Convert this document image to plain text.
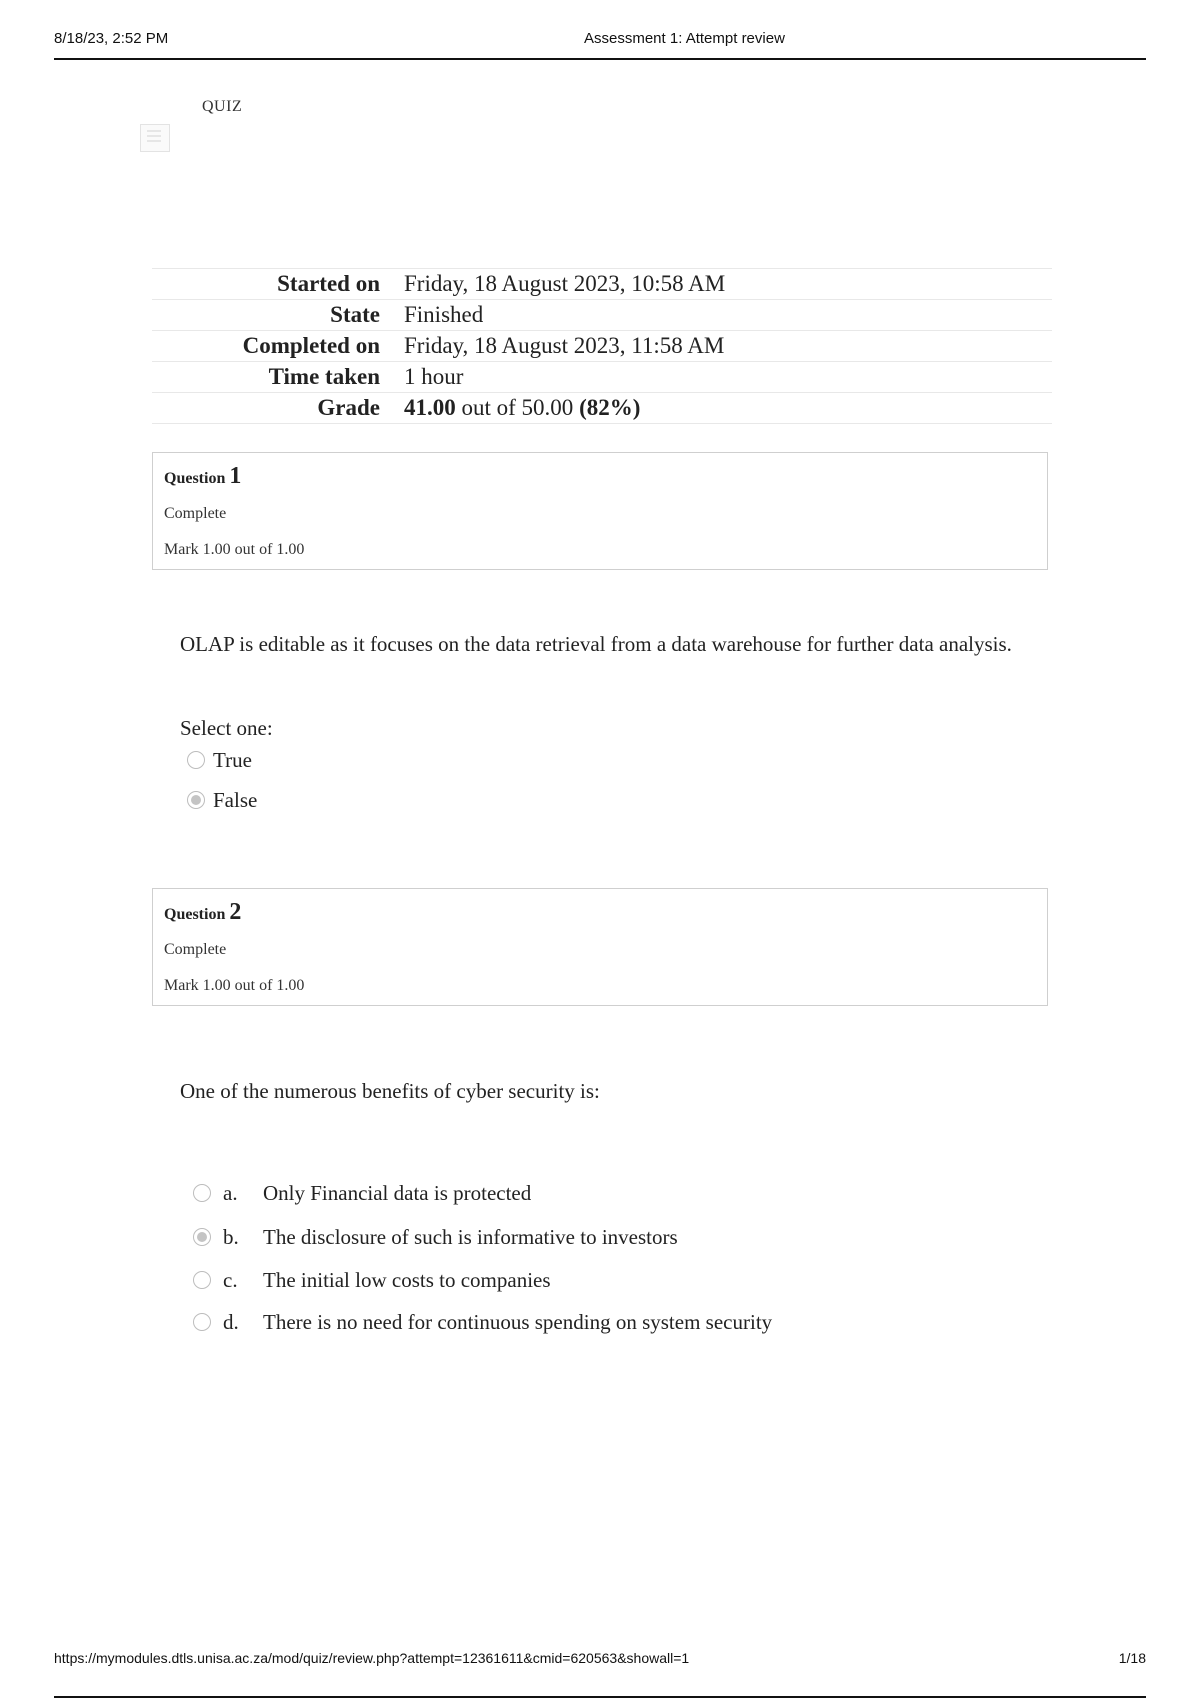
8/18/23, 2:52 PM	Assessment 1: Attempt review
QUIZ
Started on	Friday, 18 August 2023, 10:58 AM
State	Finished
Completed on	Friday, 18 August 2023, 11:58 AM
Time taken	1 hour
Grade	41.00 out of 50.00 (82%)
Question 1
Complete
Mark 1.00 out of 1.00
OLAP is editable as it focuses on the data retrieval from a data warehouse for further data analysis.
Select one:
True
False
Question 2
Complete
Mark 1.00 out of 1.00
One of the numerous benefits of cyber security is:
a.	Only Financial data is protected
b.	The disclosure of such is informative to investors
c.	The initial low costs to companies
d.	There is no need for continuous spending on system security
https://mymodules.dtls.unisa.ac.za/mod/quiz/review.php?attempt=12361611&cmid=620563&showall=1	1/18
